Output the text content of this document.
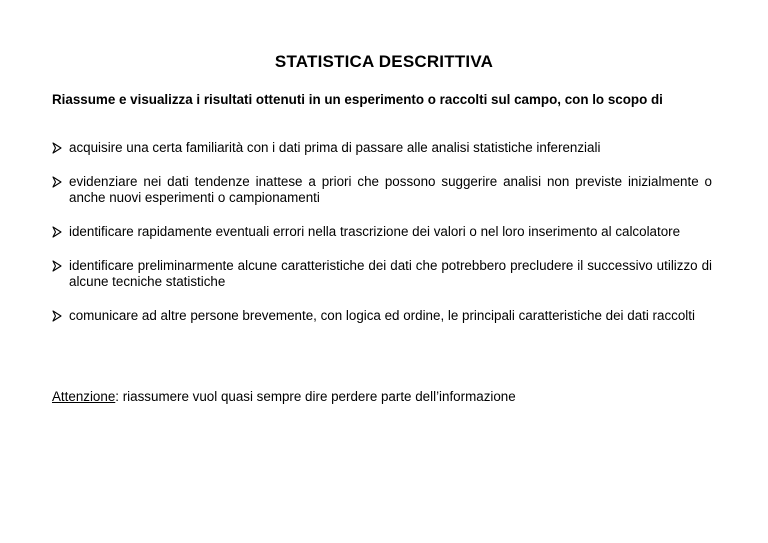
STATISTICA DESCRITTIVA
Riassume e visualizza i risultati ottenuti in un esperimento o raccolti sul campo, con lo scopo di
acquisire una certa familiarità con i dati prima di passare alle analisi statistiche inferenziali
evidenziare nei dati tendenze inattese a priori che possono suggerire analisi non previste inizialmente o anche nuovi esperimenti o campionamenti
identificare rapidamente eventuali errori nella trascrizione dei valori o nel loro inserimento al calcolatore
identificare preliminarmente alcune caratteristiche dei dati che potrebbero precludere il successivo utilizzo di alcune tecniche statistiche
comunicare ad altre persone brevemente, con logica ed ordine, le principali caratteristiche dei dati raccolti
Attenzione: riassumere vuol quasi sempre dire perdere parte dell’informazione
